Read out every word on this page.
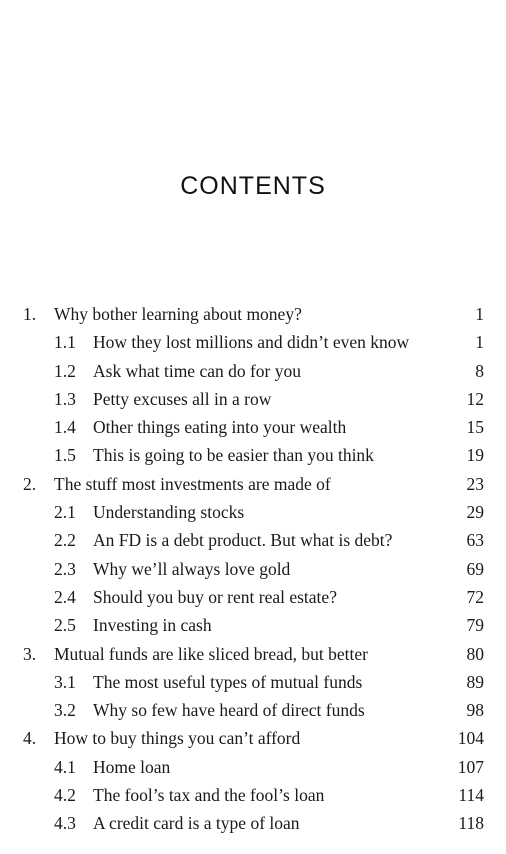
CONTENTS
1. Why bother learning about money?	1
1.1 How they lost millions and didn’t even know	1
1.2 Ask what time can do for you	8
1.3 Petty excuses all in a row	12
1.4 Other things eating into your wealth	15
1.5 This is going to be easier than you think	19
2. The stuff most investments are made of	23
2.1 Understanding stocks	29
2.2 An FD is a debt product. But what is debt?	63
2.3 Why we’ll always love gold	69
2.4 Should you buy or rent real estate?	72
2.5 Investing in cash	79
3. Mutual funds are like sliced bread, but better	80
3.1 The most useful types of mutual funds	89
3.2 Why so few have heard of direct funds	98
4. How to buy things you can’t afford	104
4.1 Home loan	107
4.2 The fool’s tax and the fool’s loan	114
4.3 A credit card is a type of loan	118
